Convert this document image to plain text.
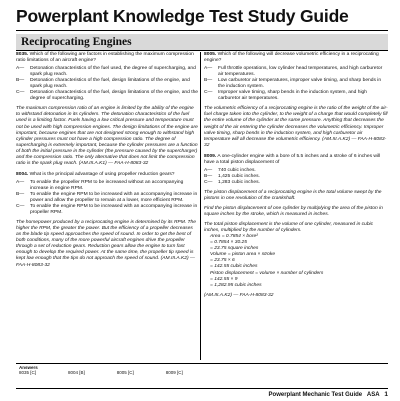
Powerplant Knowledge Test Study Guide
Reciprocating Engines
8035. Which of the following are factors in establishing the maximum compression ratio limitations of an aircraft engine?
A—	Detonation characteristics of the fuel used, the degree of supercharging, and spark plug reach.
B—	Detonation characteristics of the fuel, design limitations of the engine, and spark plug reach.
C—	Detonation characteristics of the fuel, design limitations of the engine, and the degree of supercharging.
The maximum compression ratio of an engine is limited by the ability of the engine to withstand detonation in its cylinders. The detonation characteristics of the fuel used is a limiting factor. Fuels having a low critical pressure and temperature must not be used with high compression engines. The design limitations of the engine are important, because engines that are not designed strong enough to withstand high cylinder pressures must not have a high compression ratio. The degree of supercharging is extremely important, because the cylinder pressures are a function of both the initial pressure in the cylinder (the pressure caused by the supercharger) and the compression ratio. The only alternative that does not limit the compression ratio is the spark plug reach. (AM.III.A.K1) — FAA-H-8083-32
8004. What is the principal advantage of using propeller reduction gears?
A—	To enable the propeller RPM to be increased without an accompanying increase in engine RPM.
B—	To enable the engine RPM to be increased with an accompanying increase in power and allow the propeller to remain at a lower, more efficient RPM.
C—	To enable the engine RPM to be increased with an accompanying increase in propeller RPM.
The horsepower produced by a reciprocating engine is determined by its RPM. The higher the RPM, the greater the power. But the efficiency of a propeller decreases as the blade tip speed approaches the speed of sound. In order to get the best of both conditions, many of the more powerful aircraft engines drive the propeller through a set of reduction gears. Reduction gears allow the engine to turn fast enough to develop the required power. At the same time, the propeller tip speed is kept low enough that the tips do not approach the speed of sound. (AM.III.A.K2) — FAA-H-8083-32
8005. Which of the following will decrease volumetric efficiency in a reciprocating engine?
A—	Full throttle operations, low cylinder head temperatures, and high carburetor air temperatures.
B—	Low carburetor air temperatures, improper valve timing, and sharp bends in the induction system.
C—	Improper valve timing, sharp bends in the induction system, and high carburetor air temperatures.
The volumetric efficiency of a reciprocating engine is the ratio of the weight of the air-fuel charge taken into the cylinder, to the weight of a charge that would completely fill the entire volume of the cylinder at the same pressure. Anything that decreases the weight of the air entering the cylinder decreases the volumetric efficiency. Improper valve timing, sharp bends in the induction system, and high carburetor air temperature will all decrease the volumetric efficiency. (AM.III.A.K2) — FAA-H-8083-32
8009. A one-cylinder engine with a bore of 5.5 inches and a stroke of 6 inches will have a total piston displacement of
A—	740 cubic inches.
B—	1,425 cubic inches.
C—	1,283 cubic inches.
The piston displacement of a reciprocating engine is the total volume swept by the pistons in one revolution of the crankshaft.
Find the piston displacement of one cylinder by multiplying the area of the piston in square inches by the stroke, which is measured in inches.
The total piston displacement is the volume of one cylinder, measured in cubic inches, multiplied by the number of cylinders.
Area = 0.7854 × bore²
= 0.7854 × 30.25
= 23.75 square inches
Volume = piston area × stroke
= 23.75 × 6
= 142.55 cubic inches
Piston displacement = volume × number of cylinders
= 142.55 × 9
= 1,282.95 cubic inches
(AM.III.A.K2) — FAA-H-8083-32
Answers
8035 [C]	8004 [B]	8005 [C]	8009 [C]
Powerplant Mechanic Test Guide ASA 1
